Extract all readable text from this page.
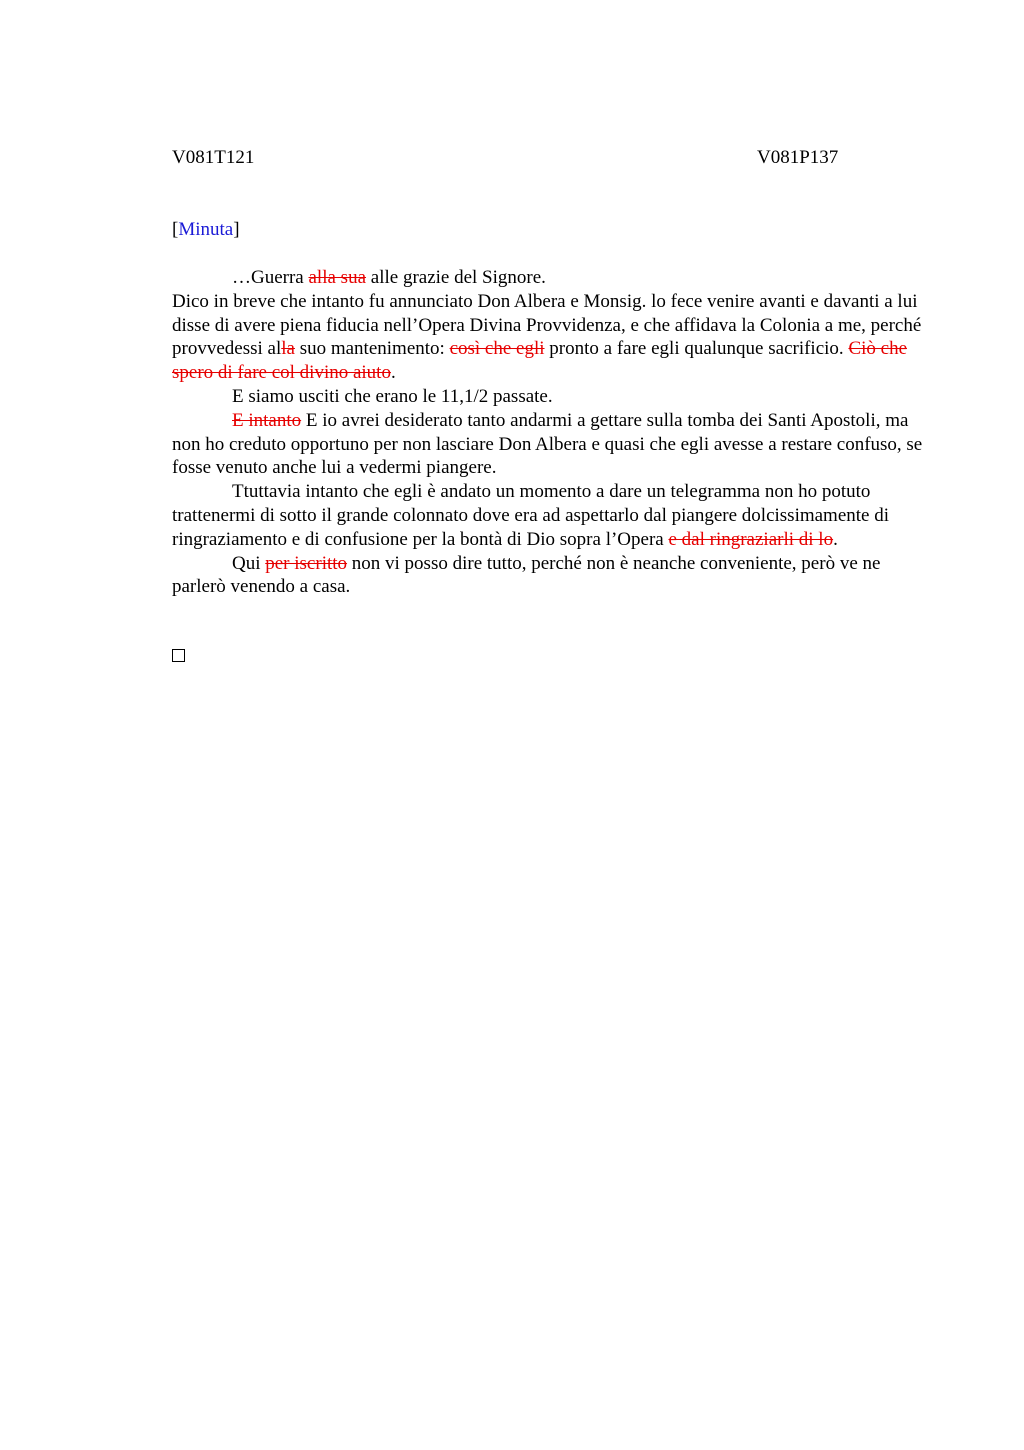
V081T121	V081P137
[Minuta]

…Guerra alla sua alle grazie del Signore.

Dico in breve che intanto fu annunciato Don Albera e Monsig. lo fece venire avanti e davanti a lui disse di avere piena fiducia nell’Opera Divina Provvidenza, e che affidava la Colonia a me, perché provvedessi alla suo mantenimento: così che egli pronto a fare egli qualunque sacrificio. Ciò che spero di fare col divino aiuto.

E siamo usciti che erano le 11,1/2 passate.

E intanto E io avrei desiderato tanto andarmi a gettare sulla tomba dei Santi Apostoli, ma non ho creduto opportuno per non lasciare Don Albera e quasi che egli avesse a restare confuso, se fosse venuto anche lui a vedermi piangere.

Ttuttavia intanto che egli è andato un momento a dare un telegramma non ho potuto trattenermi di sotto il grande colonnato dove era ad aspettarlo dal piangere dolcissimamente di ringraziamento e di confusione per la bontà di Dio sopra l’Opera e dal ringraziarli di lo.

Qui per iscritto non vi posso dire tutto, perché non è neanche conveniente, però ve ne parlerò venendo a casa.
